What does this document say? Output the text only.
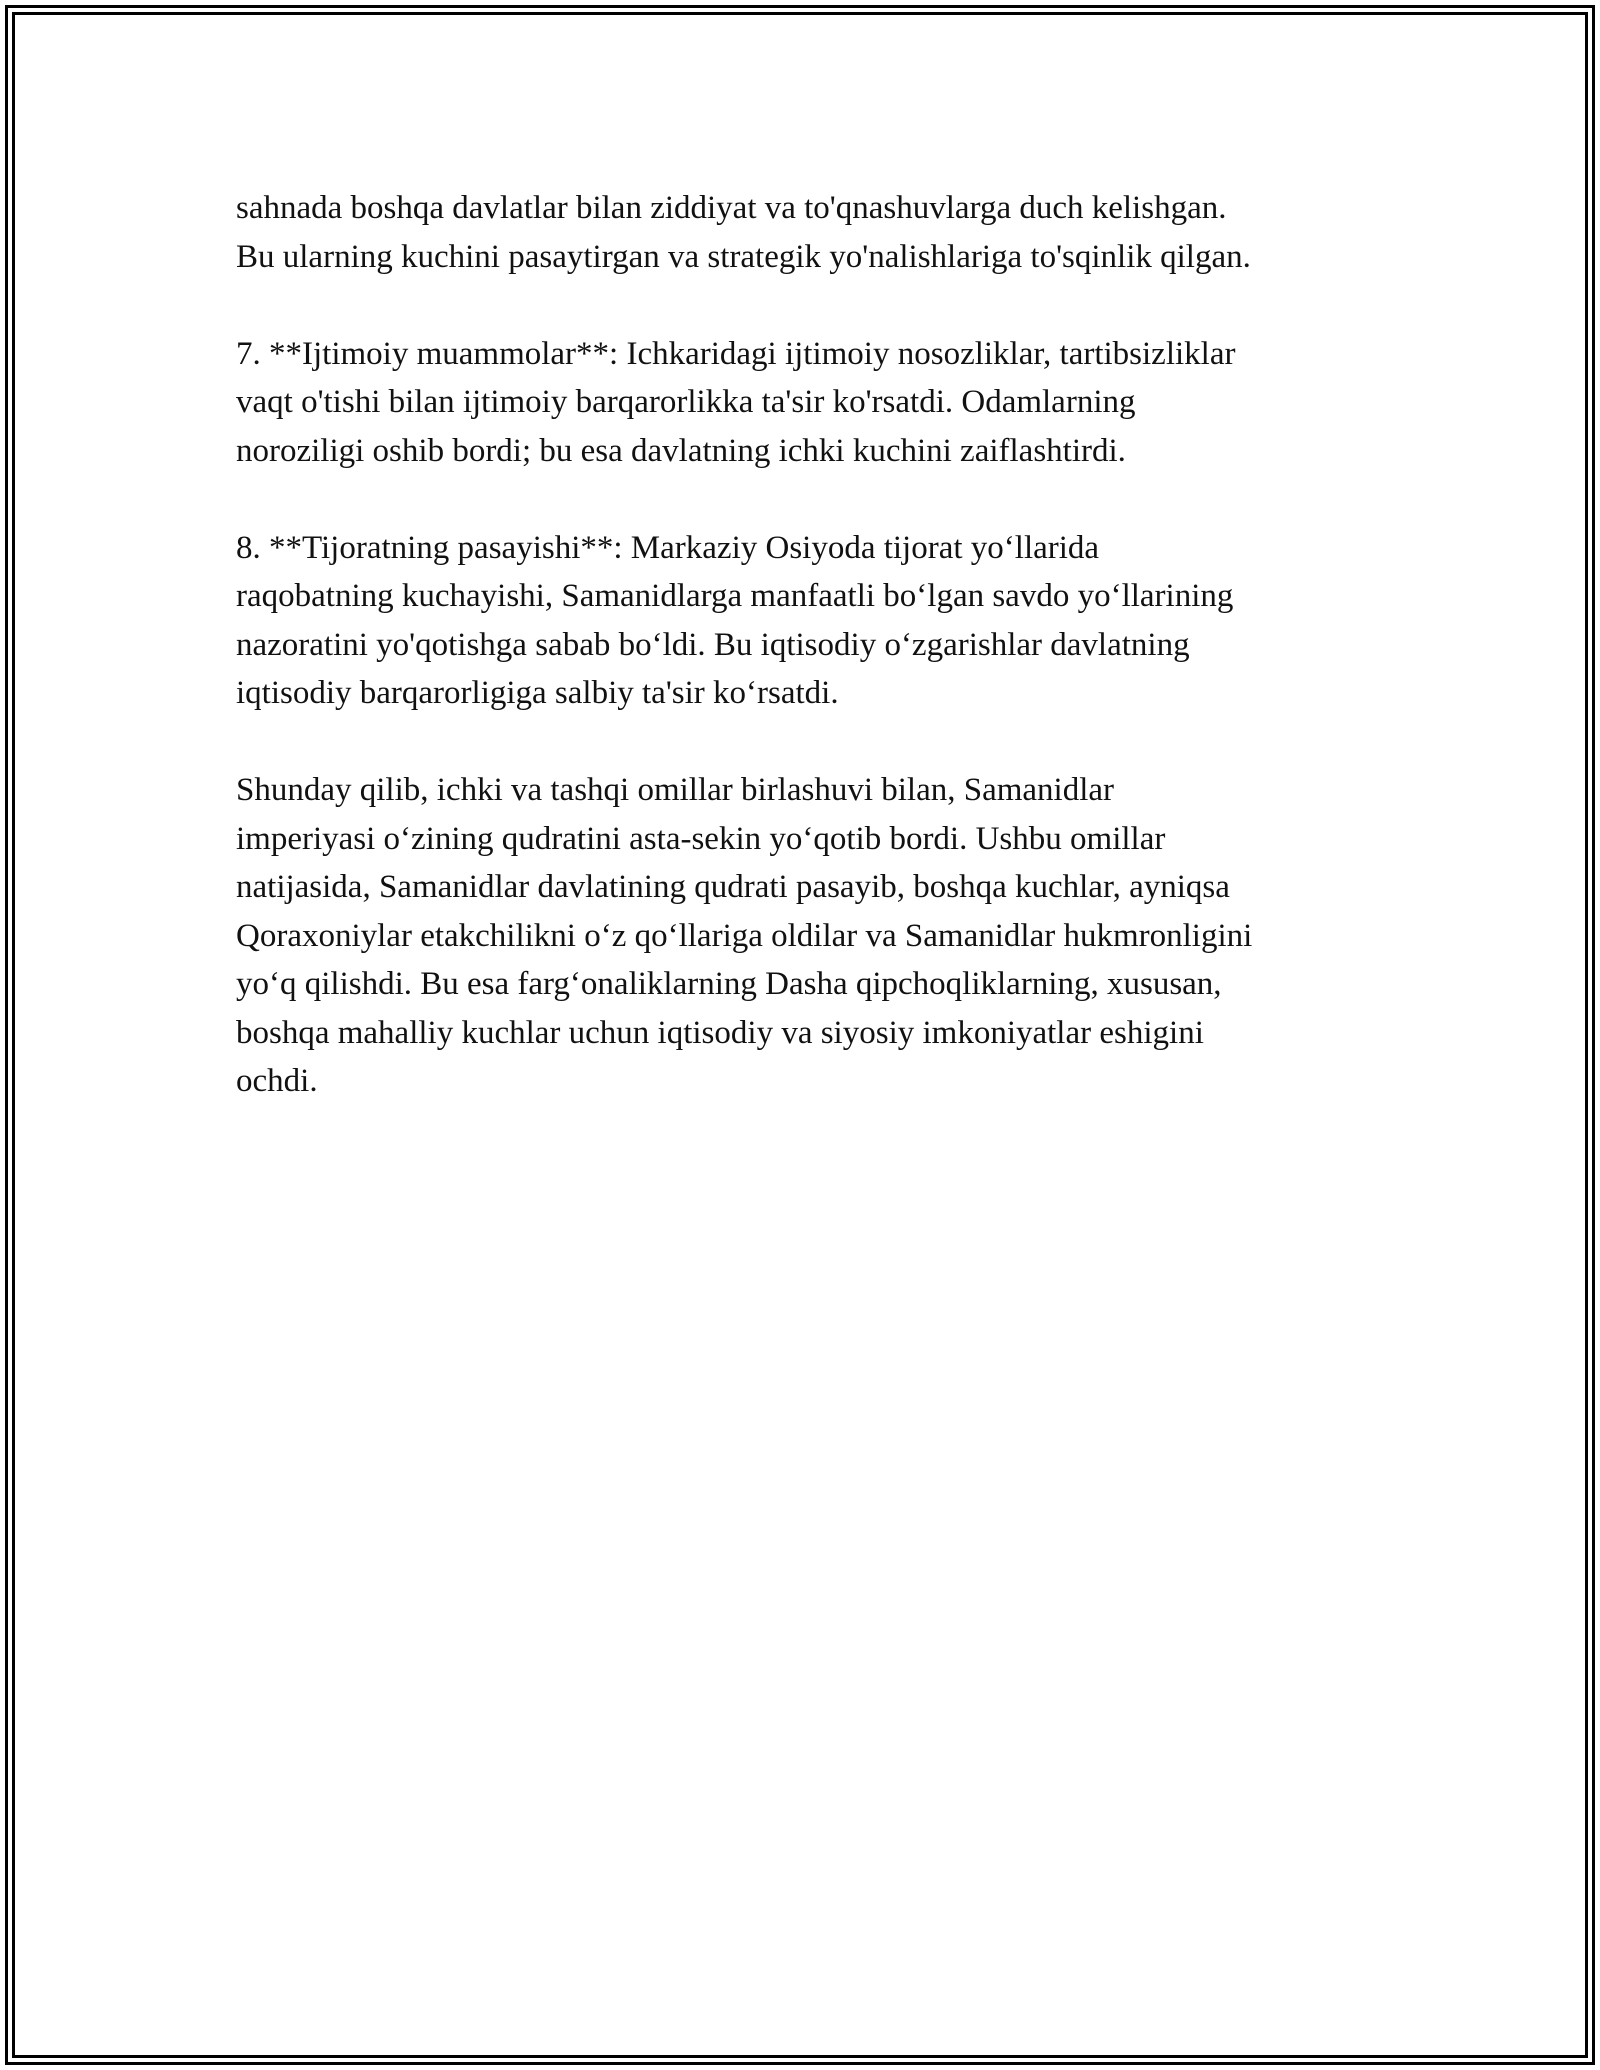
sahnada boshqa davlatlar bilan ziddiyat va to'qnashuvlarga duch kelishgan.
Bu ularning kuchini pasaytirgan va strategik yo'nalishlariga to'sqinlik qilgan.

7. **Ijtimoiy muammolar**: Ichkaridagi ijtimoiy nosozliklar, tartibsizliklar
vaqt o'tishi bilan ijtimoiy barqarorlikka ta'sir ko'rsatdi. Odamlarning
noroziligi oshib bordi; bu esa davlatning ichki kuchini zaiflashtirdi.

8. **Tijoratning pasayishi**: Markaziy Osiyoda tijorat yo‘llarida
raqobatning kuchayishi, Samanidlarga manfaatli bo‘lgan savdo yo‘llarining
nazoratini yo'qotishga sabab bo‘ldi. Bu iqtisodiy o‘zgarishlar davlatning
iqtisodiy barqarorligiga salbiy ta'sir ko‘rsatdi.

Shunday qilib, ichki va tashqi omillar birlashuvi bilan, Samanidlar
imperiyasi o‘zining qudratini asta-sekin yo‘qotib bordi. Ushbu omillar
natijasida, Samanidlar davlatining qudrati pasayib, boshqa kuchlar, ayniqsa
Qoraxoniylar etakchilikni o‘z qo‘llariga oldilar va Samanidlar hukmronligini
yo‘q qilishdi. Bu esa farg‘onaliklarning Dasha qipchoqliklarning, xususan,
boshqa mahalliy kuchlar uchun iqtisodiy va siyosiy imkoniyatlar eshigini
ochdi.
